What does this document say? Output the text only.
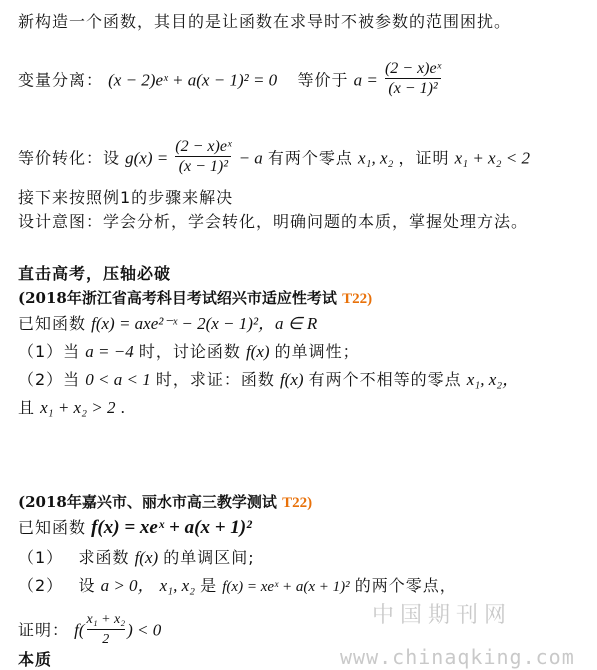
新构造一个函数，其目的是让函数在求导时不被参数的范围困扰。
变量分离： (x − 2)eˣ + a(x − 1)² = 0 等价于 $a = \frac{\text{(2 − x)eˣ}}{\text{(x − 1)²}}$
等价转化：设 $g(x) = \frac{\text{(2 − x)eˣ}}{\text{(x − 1)²}} - a$ 有两个零点 x₁, x₂ ，证明 x₁ + x₂ < 2
接下来按照例1的步骤来解决
设计意图：学会分析，学会转化，明确问题的本质，掌握处理方法。
直击高考，压轴必破
(2018年浙江省高考科目考试绍兴市适应性考试 T22)
已知函数 f(x) = axe²⁻ˣ − 2(x − 1)²，a ∈ R
（1）当 a = −4 时，讨论函数 f(x) 的单调性；
（2）当 0 < a < 1 时，求证：函数 f(x) 有两个不相等的零点 x₁, x₂，
且 x₁ + x₂ > 2 .
(2018年嘉兴市、丽水市高三教学测试 T22)
已知函数 f(x) = xeˣ + a(x + 1)²
（1） 求函数 f(x) 的单调区间;
（2） 设 a > 0， x₁, x₂ 是 f(x) = xeˣ + a(x + 1)² 的两个零点，
证明： $f( \frac{\text{x₁ + x₂}}{2}$ ) < 0
本质
中国期刊网
www.chinaqking.com
